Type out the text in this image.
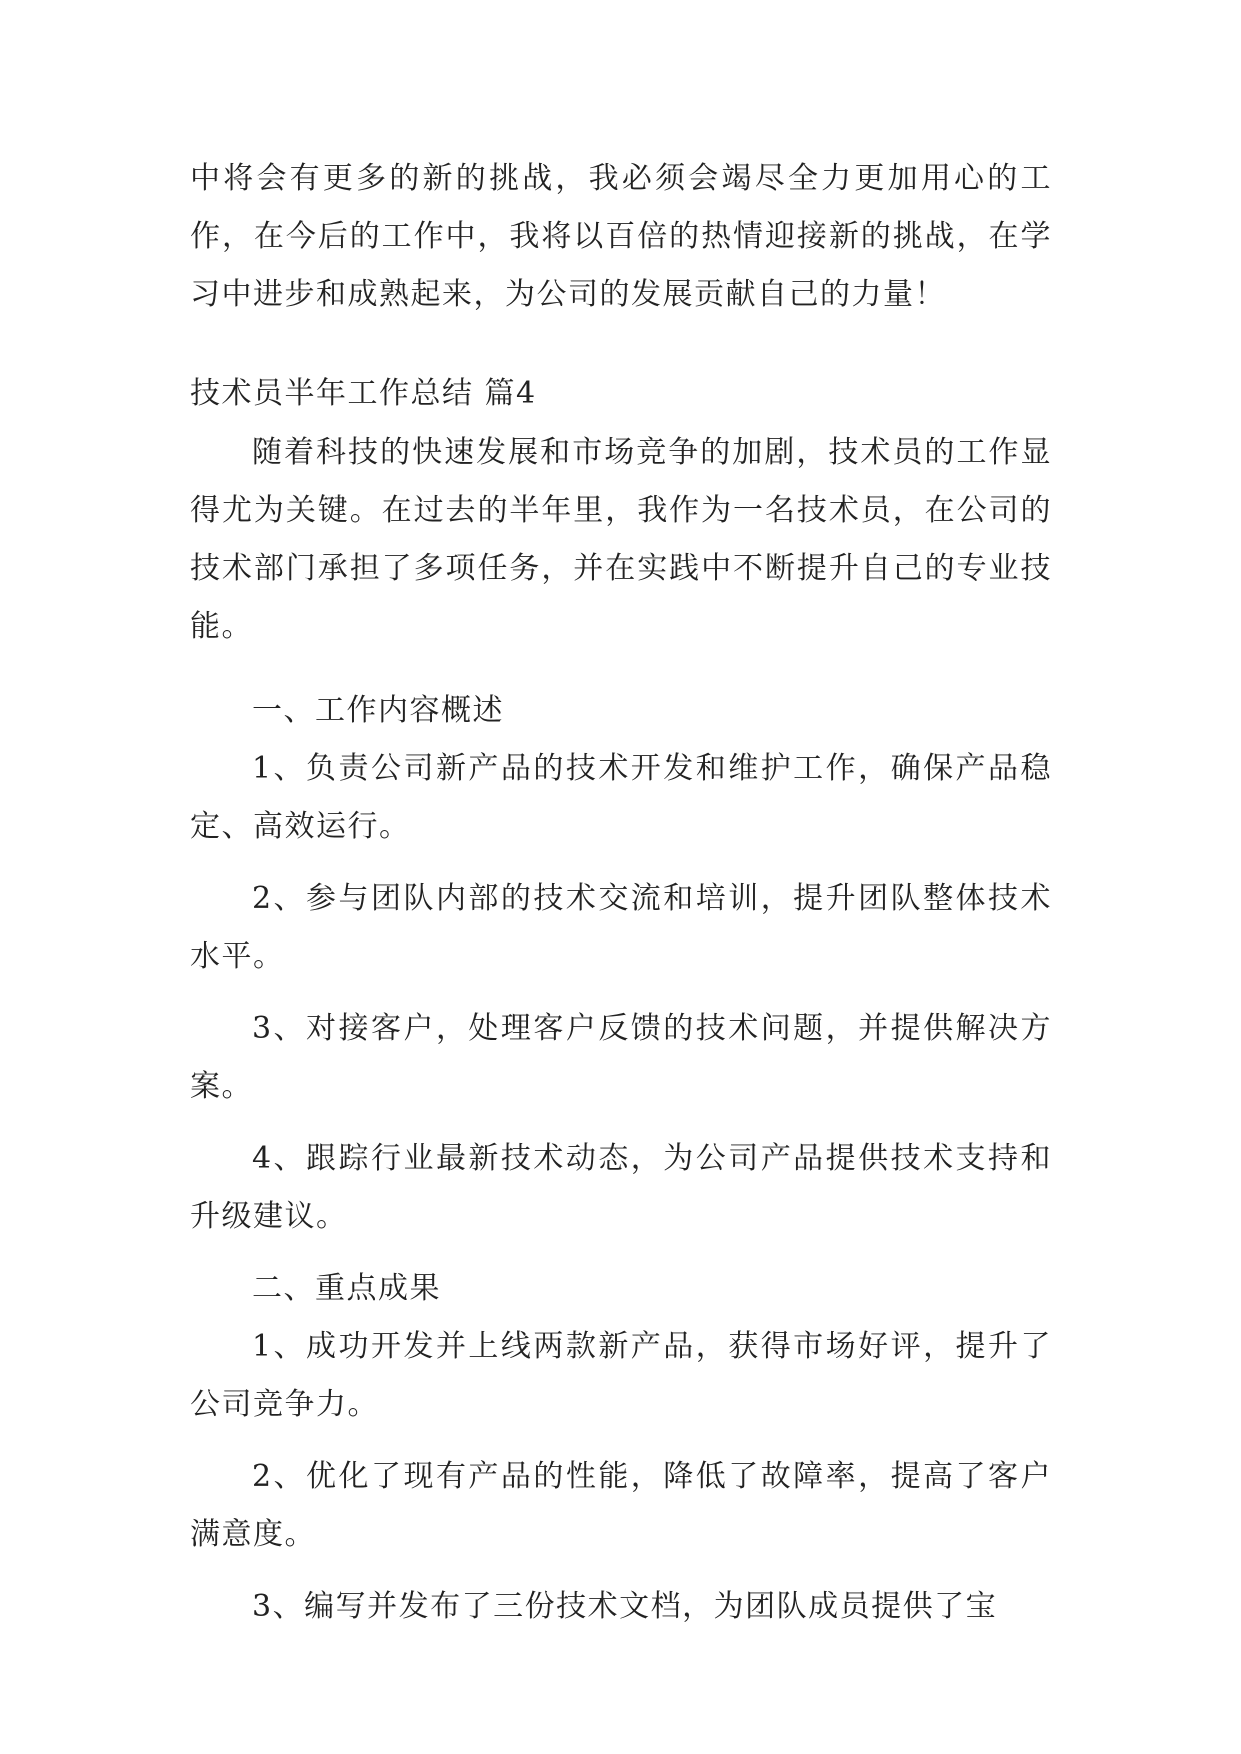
中将会有更多的新的挑战，我必须会竭尽全力更加用心的工作，在今后的工作中，我将以百倍的热情迎接新的挑战，在学习中进步和成熟起来，为公司的发展贡献自己的力量！

技术员半年工作总结 篇4

随着科技的快速发展和市场竞争的加剧，技术员的工作显得尤为关键。在过去的半年里，我作为一名技术员，在公司的技术部门承担了多项任务，并在实践中不断提升自己的专业技能。

一、工作内容概述

1、负责公司新产品的技术开发和维护工作，确保产品稳定、高效运行。

2、参与团队内部的技术交流和培训，提升团队整体技术水平。

3、对接客户，处理客户反馈的技术问题，并提供解决方案。

4、跟踪行业最新技术动态，为公司产品提供技术支持和升级建议。

二、重点成果

1、成功开发并上线两款新产品，获得市场好评，提升了公司竞争力。

2、优化了现有产品的性能，降低了故障率，提高了客户满意度。

3、编写并发布了三份技术文档，为团队成员提供了宝
